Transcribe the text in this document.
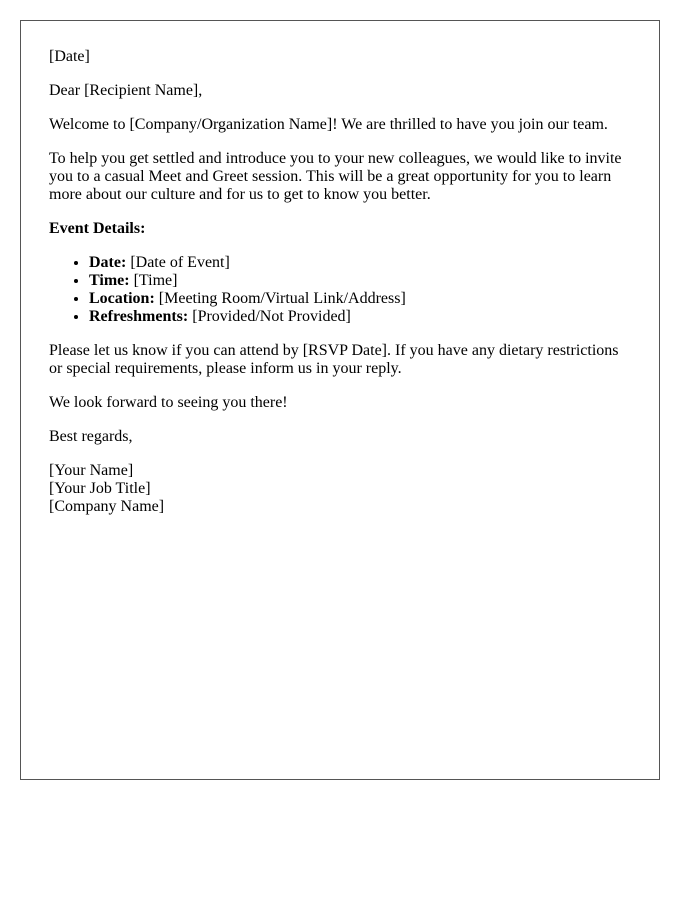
[Date]

Dear [Recipient Name],

Welcome to [Company/Organization Name]! We are thrilled to have you join our team.

To help you get settled and introduce you to your new colleagues, we would like to invite you to a casual Meet and Greet session. This will be a great opportunity for you to learn more about our culture and for us to get to know you better.

Event Details:

• Date: [Date of Event]
• Time: [Time]
• Location: [Meeting Room/Virtual Link/Address]
• Refreshments: [Provided/Not Provided]

Please let us know if you can attend by [RSVP Date]. If you have any dietary restrictions or special requirements, please inform us in your reply.

We look forward to seeing you there!

Best regards,

[Your Name]
[Your Job Title]
[Company Name]
